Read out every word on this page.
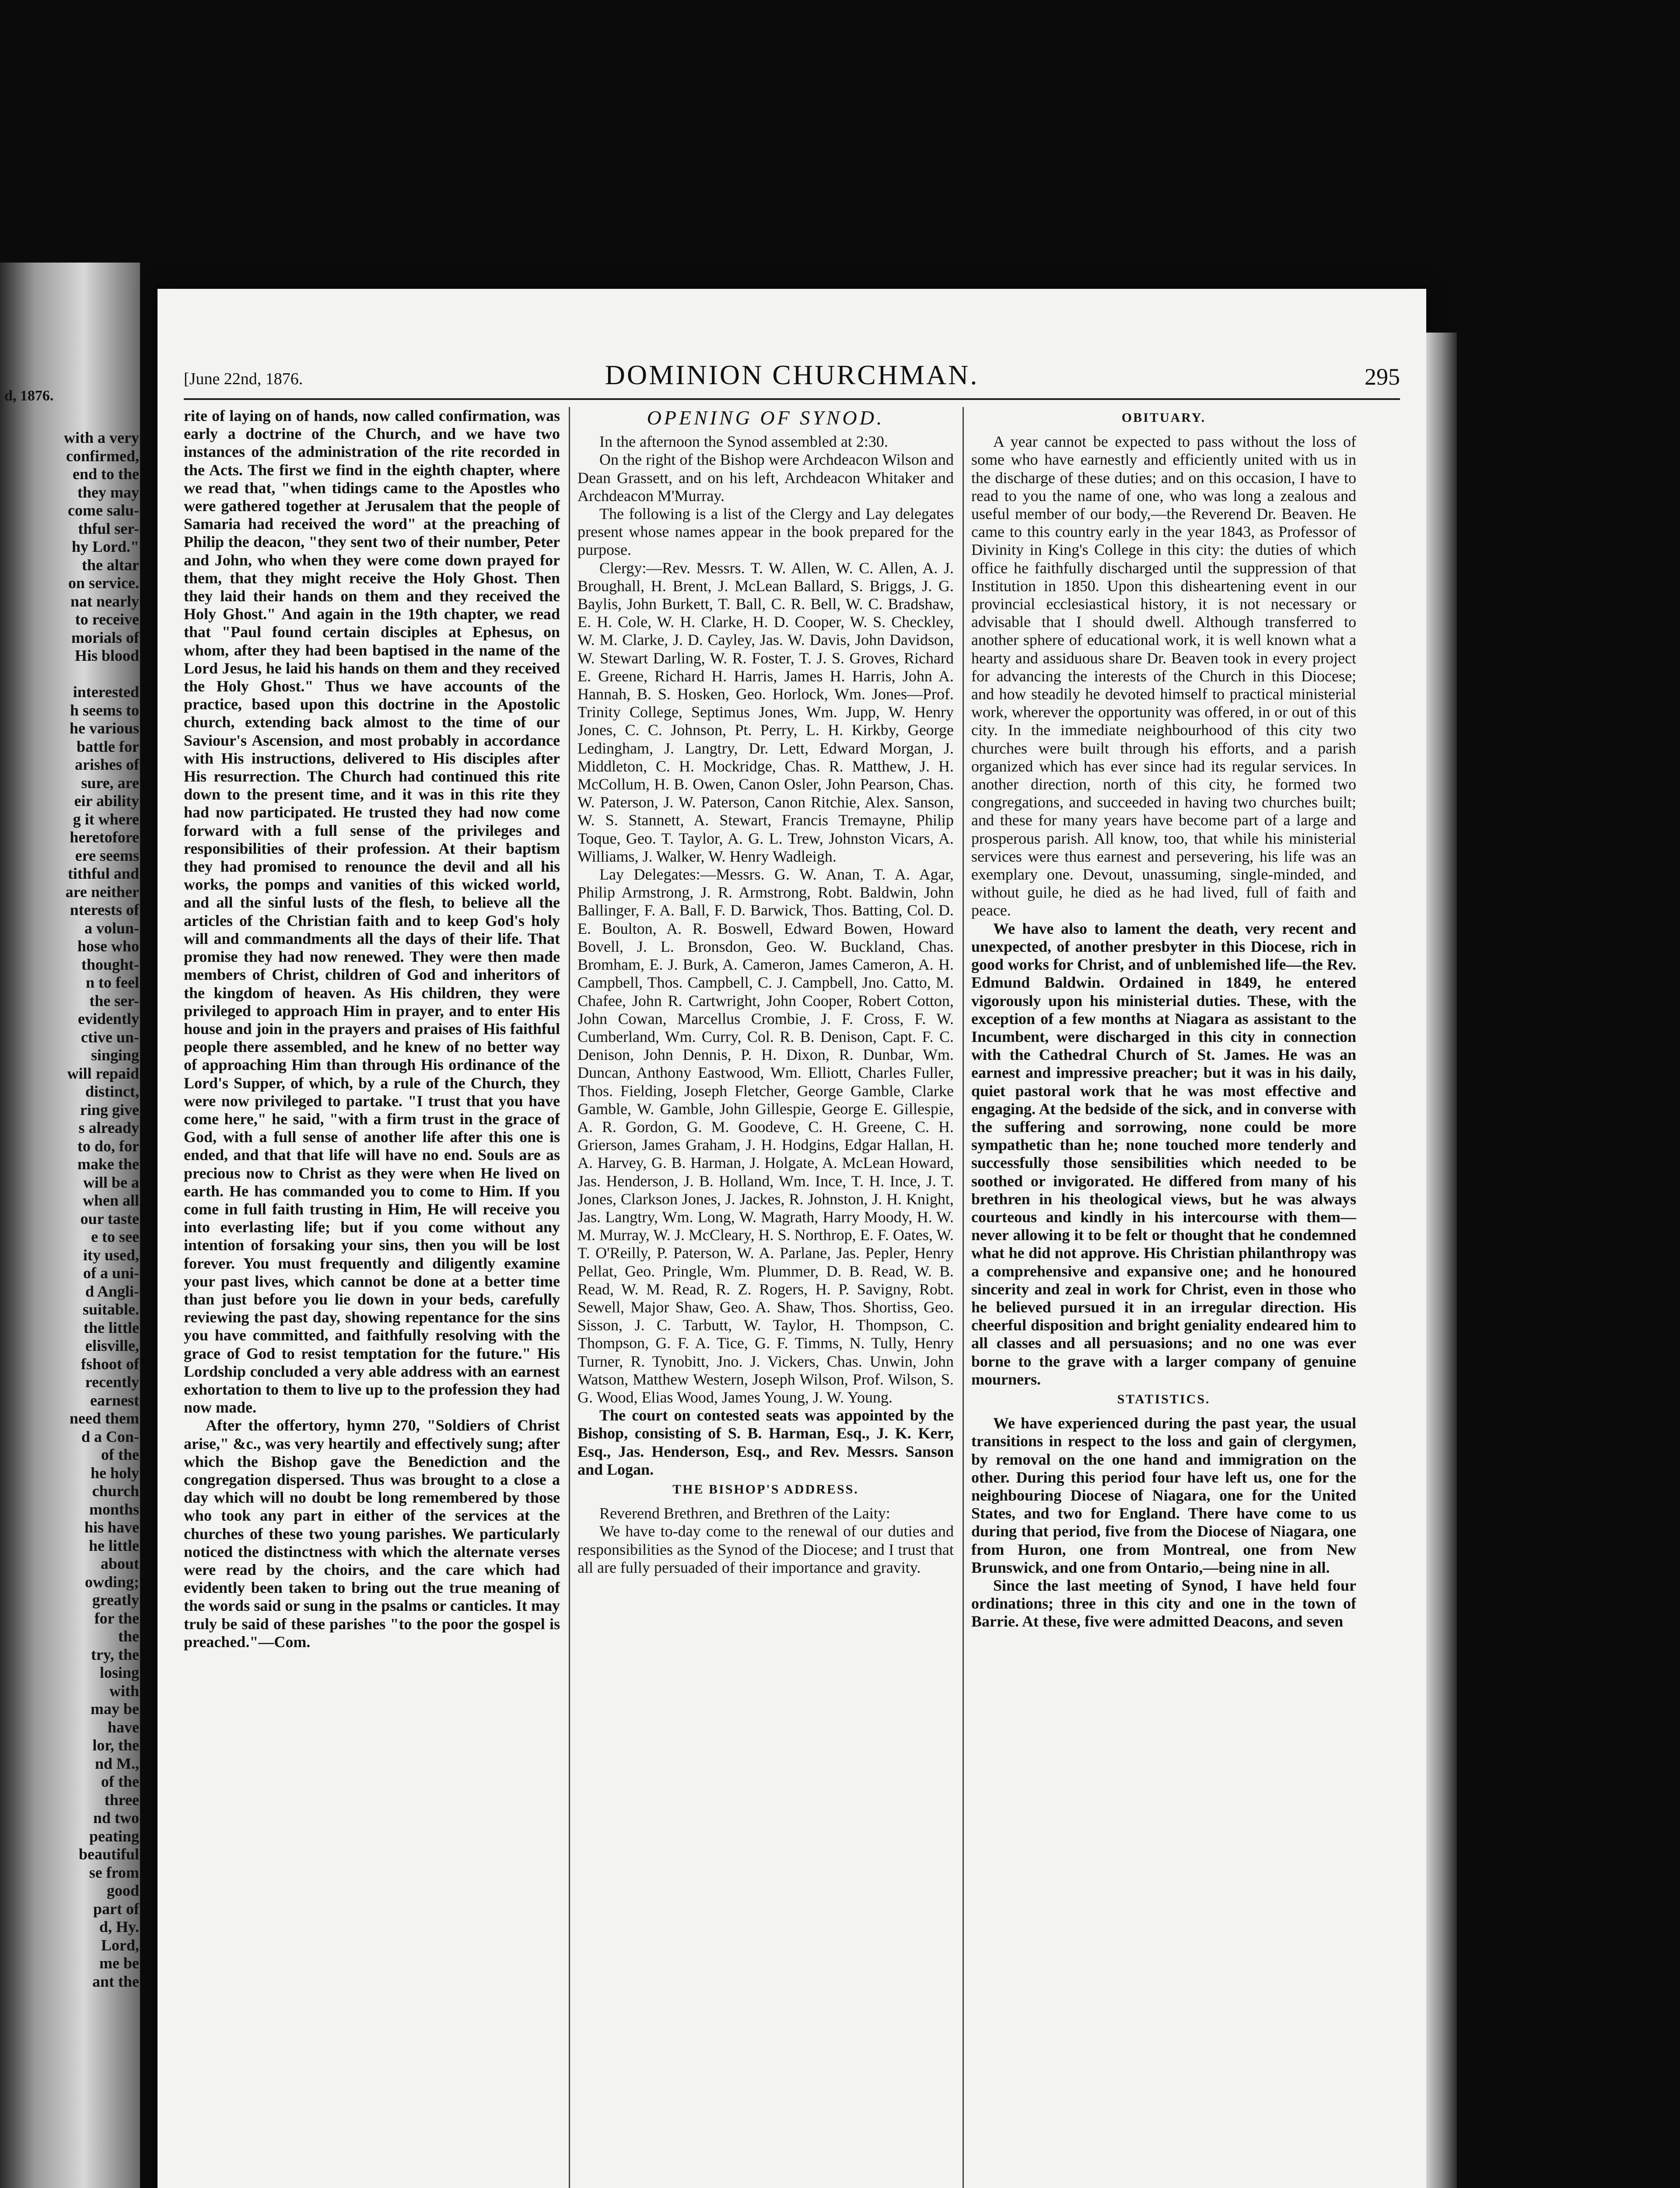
d, 1876.
with a very
confirmed,
end to the
they may
come salu-
thful ser-
hy Lord."
the altar
on service.
nat nearly
to receive
morials of
His blood

interested
h seems to
he various
battle for
arishes of
sure, are
eir ability
g it where
heretofore
ere seems
tithful and
are neither
nterests of
a volun-
hose who
thought-
n to feel
the ser-
evidently
ctive un-
singing
will repaid
distinct,
ring give
s already
to do, for
make the
will be a
when all
our taste
e to see
ity used,
of a uni-
d Angli-
suitable.
the little
elisville,
fshoot of
recently
earnest
need them
d a Con-
of the
he holy
church
months
his have
he little
about
owding;
greatly
for the
the
try, the
losing
with
may be
have
lor, the
nd M.,
of the
three
nd two
peating
beautiful
se from
good
part of
d, Hy.
Lord,
me be
ant the
[June 22nd, 1876.	DOMINION CHURCHMAN.	295

rite of laying on of hands, now called confirmation, was early a doctrine of the Church, and we have two instances of the administration of the rite recorded in the Acts. The first we find in the eighth chapter, where we read that, "when tidings came to the Apostles who were gathered together at Jerusalem that the people of Samaria had received the word" at the preaching of Philip the deacon, "they sent two of their number, Peter and John, who when they were come down prayed for them, that they might receive the Holy Ghost. Then they laid their hands on them and they received the Holy Ghost." And again in the 19th chapter, we read that "Paul found certain disciples at Ephesus, on whom, after they had been baptised in the name of the Lord Jesus, he laid his hands on them and they received the Holy Ghost." Thus we have accounts of the practice, based upon this doctrine in the Apostolic church, extending back almost to the time of our Saviour's Ascension, and most probably in accordance with His instructions, delivered to His disciples after His resurrection. The Church had continued this rite down to the present time, and it was in this rite they had now participated. He trusted they had now come forward with a full sense of the privileges and responsibilities of their profession. At their baptism they had promised to renounce the devil and all his works, the pomps and vanities of this wicked world, and all the sinful lusts of the flesh, to believe all the articles of the Christian faith and to keep God's holy will and commandments all the days of their life. That promise they had now renewed. They were then made members of Christ, children of God and inheritors of the kingdom of heaven. As His children, they were privileged to approach Him in prayer, and to enter His house and join in the prayers and praises of His faithful people there assembled, and he knew of no better way of approaching Him than through His ordinance of the Lord's Supper, of which, by a rule of the Church, they were now privileged to partake. "I trust that you have come here," he said, "with a firm trust in the grace of God, with a full sense of another life after this one is ended, and that that life will have no end. Souls are as precious now to Christ as they were when He lived on earth. He has commanded you to come to Him. If you come in full faith trusting in Him, He will receive you into everlasting life; but if you come without any intention of forsaking your sins, then you will be lost forever. You must frequently and diligently examine your past lives, which cannot be done at a better time than just before you lie down in your beds, carefully reviewing the past day, showing repentance for the sins you have committed, and faithfully resolving with the grace of God to resist temptation for the future." His Lordship concluded a very able address with an earnest exhortation to them to live up to the profession they had now made.

After the offertory, hymn 270, "Soldiers of Christ arise," &c., was very heartily and effectively sung; after which the Bishop gave the Benediction and the congregation dispersed. Thus was brought to a close a day which will no doubt be long remembered by those who took any part in either of the services at the churches of these two young parishes. We particularly noticed the distinctness with which the alternate verses were read by the choirs, and the care which had evidently been taken to bring out the true meaning of the words said or sung in the psalms or canticles. It may truly be said of these parishes "to the poor the gospel is preached."—Com.

OPENING OF SYNOD.

In the afternoon the Synod assembled at 2:30.

On the right of the Bishop were Archdeacon Wilson and Dean Grassett, and on his left, Archdeacon Whitaker and Archdeacon M'Murray.

The following is a list of the Clergy and Lay delegates present whose names appear in the book prepared for the purpose.

Clergy:—Rev. Messrs. T. W. Allen, W. C. Allen, A. J. Broughall, H. Brent, J. McLean Ballard, S. Briggs, J. G. Baylis, John Burkett, T. Ball, C. R. Bell, W. C. Bradshaw, E. H. Cole, W. H. Clarke, H. D. Cooper, W. S. Checkley, W. M. Clarke, J. D. Cayley, Jas. W. Davis, John Davidson, W. Stewart Darling, W. R. Foster, T. J. S. Groves, Richard E. Greene, Richard H. Harris, James H. Harris, John A. Hannah, B. S. Hosken, Geo. Horlock, Wm. Jones—Prof. Trinity College, Septimus Jones, Wm. Jupp, W. Henry Jones, C. C. Johnson, Pt. Perry, L. H. Kirkby, George Ledingham, J. Langtry, Dr. Lett, Edward Morgan, J. Middleton, C. H. Mockridge, Chas. R. Matthew, J. H. McCollum, H. B. Owen, Canon Osler, John Pearson, Chas. W. Paterson, J. W. Paterson, Canon Ritchie, Alex. Sanson, W. S. Stannett, A. Stewart, Francis Tremayne, Philip Toque, Geo. T. Taylor, A. G. L. Trew, Johnston Vicars, A. Williams, J. Walker, W. Henry Wadleigh.

Lay Delegates:—Messrs. G. W. Anan, T. A. Agar, Philip Armstrong, J. R. Armstrong, Robt. Baldwin, John Ballinger, F. A. Ball, F. D. Barwick, Thos. Batting, Col. D. E. Boulton, A. R. Boswell, Edward Bowen, Howard Bovell, J. L. Bronsdon, Geo. W. Buckland, Chas. Bromham, E. J. Burk, A. Cameron, James Cameron, A. H. Campbell, Thos. Campbell, C. J. Campbell, Jno. Catto, M. Chafee, John R. Cartwright, John Cooper, Robert Cotton, John Cowan, Marcellus Crombie, J. F. Cross, F. W. Cumberland, Wm. Curry, Col. R. B. Denison, Capt. F. C. Denison, John Dennis, P. H. Dixon, R. Dunbar, Wm. Duncan, Anthony Eastwood, Wm. Elliott, Charles Fuller, Thos. Fielding, Joseph Fletcher, George Gamble, Clarke Gamble, W. Gamble, John Gillespie, George E. Gillespie, A. R. Gordon, G. M. Goodeve, C. H. Greene, C. H. Grierson, James Graham, J. H. Hodgins, Edgar Hallan, H. A. Harvey, G. B. Harman, J. Holgate, A. McLean Howard, Jas. Henderson, J. B. Holland, Wm. Ince, T. H. Ince, J. T. Jones, Clarkson Jones, J. Jackes, R. Johnston, J. H. Knight, Jas. Langtry, Wm. Long, W. Magrath, Harry Moody, H. W. M. Murray, W. J. McCleary, H. S. Northrop, E. F. Oates, W. T. O'Reilly, P. Paterson, W. A. Parlane, Jas. Pepler, Henry Pellat, Geo. Pringle, Wm. Plummer, D. B. Read, W. B. Read, W. M. Read, R. Z. Rogers, H. P. Savigny, Robt. Sewell, Major Shaw, Geo. A. Shaw, Thos. Shortiss, Geo. Sisson, J. C. Tarbutt, W. Taylor, H. Thompson, C. Thompson, G. F. A. Tice, G. F. Timms, N. Tully, Henry Turner, R. Tynobitt, Jno. J. Vickers, Chas. Unwin, John Watson, Matthew Western, Joseph Wilson, Prof. Wilson, S. G. Wood, Elias Wood, James Young, J. W. Young.

The court on contested seats was appointed by the Bishop, consisting of S. B. Harman, Esq., J. K. Kerr, Esq., Jas. Henderson, Esq., and Rev. Messrs. Sanson and Logan.

THE BISHOP'S ADDRESS.

Reverend Brethren, and Brethren of the Laity:

We have to-day come to the renewal of our duties and responsibilities as the Synod of the Diocese; and I trust that all are fully persuaded of their importance and gravity.

OBITUARY.

A year cannot be expected to pass without the loss of some who have earnestly and efficiently united with us in the discharge of these duties; and on this occasion, I have to read to you the name of one, who was long a zealous and useful member of our body,—the Reverend Dr. Beaven. He came to this country early in the year 1843, as Professor of Divinity in King's College in this city: the duties of which office he faithfully discharged until the suppression of that Institution in 1850. Upon this disheartening event in our provincial ecclesiastical history, it is not necessary or advisable that I should dwell. Although transferred to another sphere of educational work, it is well known what a hearty and assiduous share Dr. Beaven took in every project for advancing the interests of the Church in this Diocese; and how steadily he devoted himself to practical ministerial work, wherever the opportunity was offered, in or out of this city. In the immediate neighbourhood of this city two churches were built through his efforts, and a parish organized which has ever since had its regular services. In another direction, north of this city, he formed two congregations, and succeeded in having two churches built; and these for many years have become part of a large and prosperous parish. All know, too, that while his ministerial services were thus earnest and persevering, his life was an exemplary one. Devout, unassuming, single-minded, and without guile, he died as he had lived, full of faith and peace.

We have also to lament the death, very recent and unexpected, of another presbyter in this Diocese, rich in good works for Christ, and of unblemished life—the Rev. Edmund Baldwin. Ordained in 1849, he entered vigorously upon his ministerial duties. These, with the exception of a few months at Niagara as assistant to the Incumbent, were discharged in this city in connection with the Cathedral Church of St. James. He was an earnest and impressive preacher; but it was in his daily, quiet pastoral work that he was most effective and engaging. At the bedside of the sick, and in converse with the suffering and sorrowing, none could be more sympathetic than he; none touched more tenderly and successfully those sensibilities which needed to be soothed or invigorated. He differed from many of his brethren in his theological views, but he was always courteous and kindly in his intercourse with them—never allowing it to be felt or thought that he condemned what he did not approve. His Christian philanthropy was a comprehensive and expansive one; and he honoured sincerity and zeal in work for Christ, even in those who he believed pursued it in an irregular direction. His cheerful disposition and bright geniality endeared him to all classes and all persuasions; and no one was ever borne to the grave with a larger company of genuine mourners.

STATISTICS.

We have experienced during the past year, the usual transitions in respect to the loss and gain of clergymen, by removal on the one hand and immigration on the other. During this period four have left us, one for the neighbouring Diocese of Niagara, one for the United States, and two for England. There have come to us during that period, five from the Diocese of Niagara, one from Huron, one from Montreal, one from New Brunswick, and one from Ontario,—being nine in all.

Since the last meeting of Synod, I have held four ordinations; three in this city and one in the town of Barrie. At these, five were admitted Deacons, and seven
